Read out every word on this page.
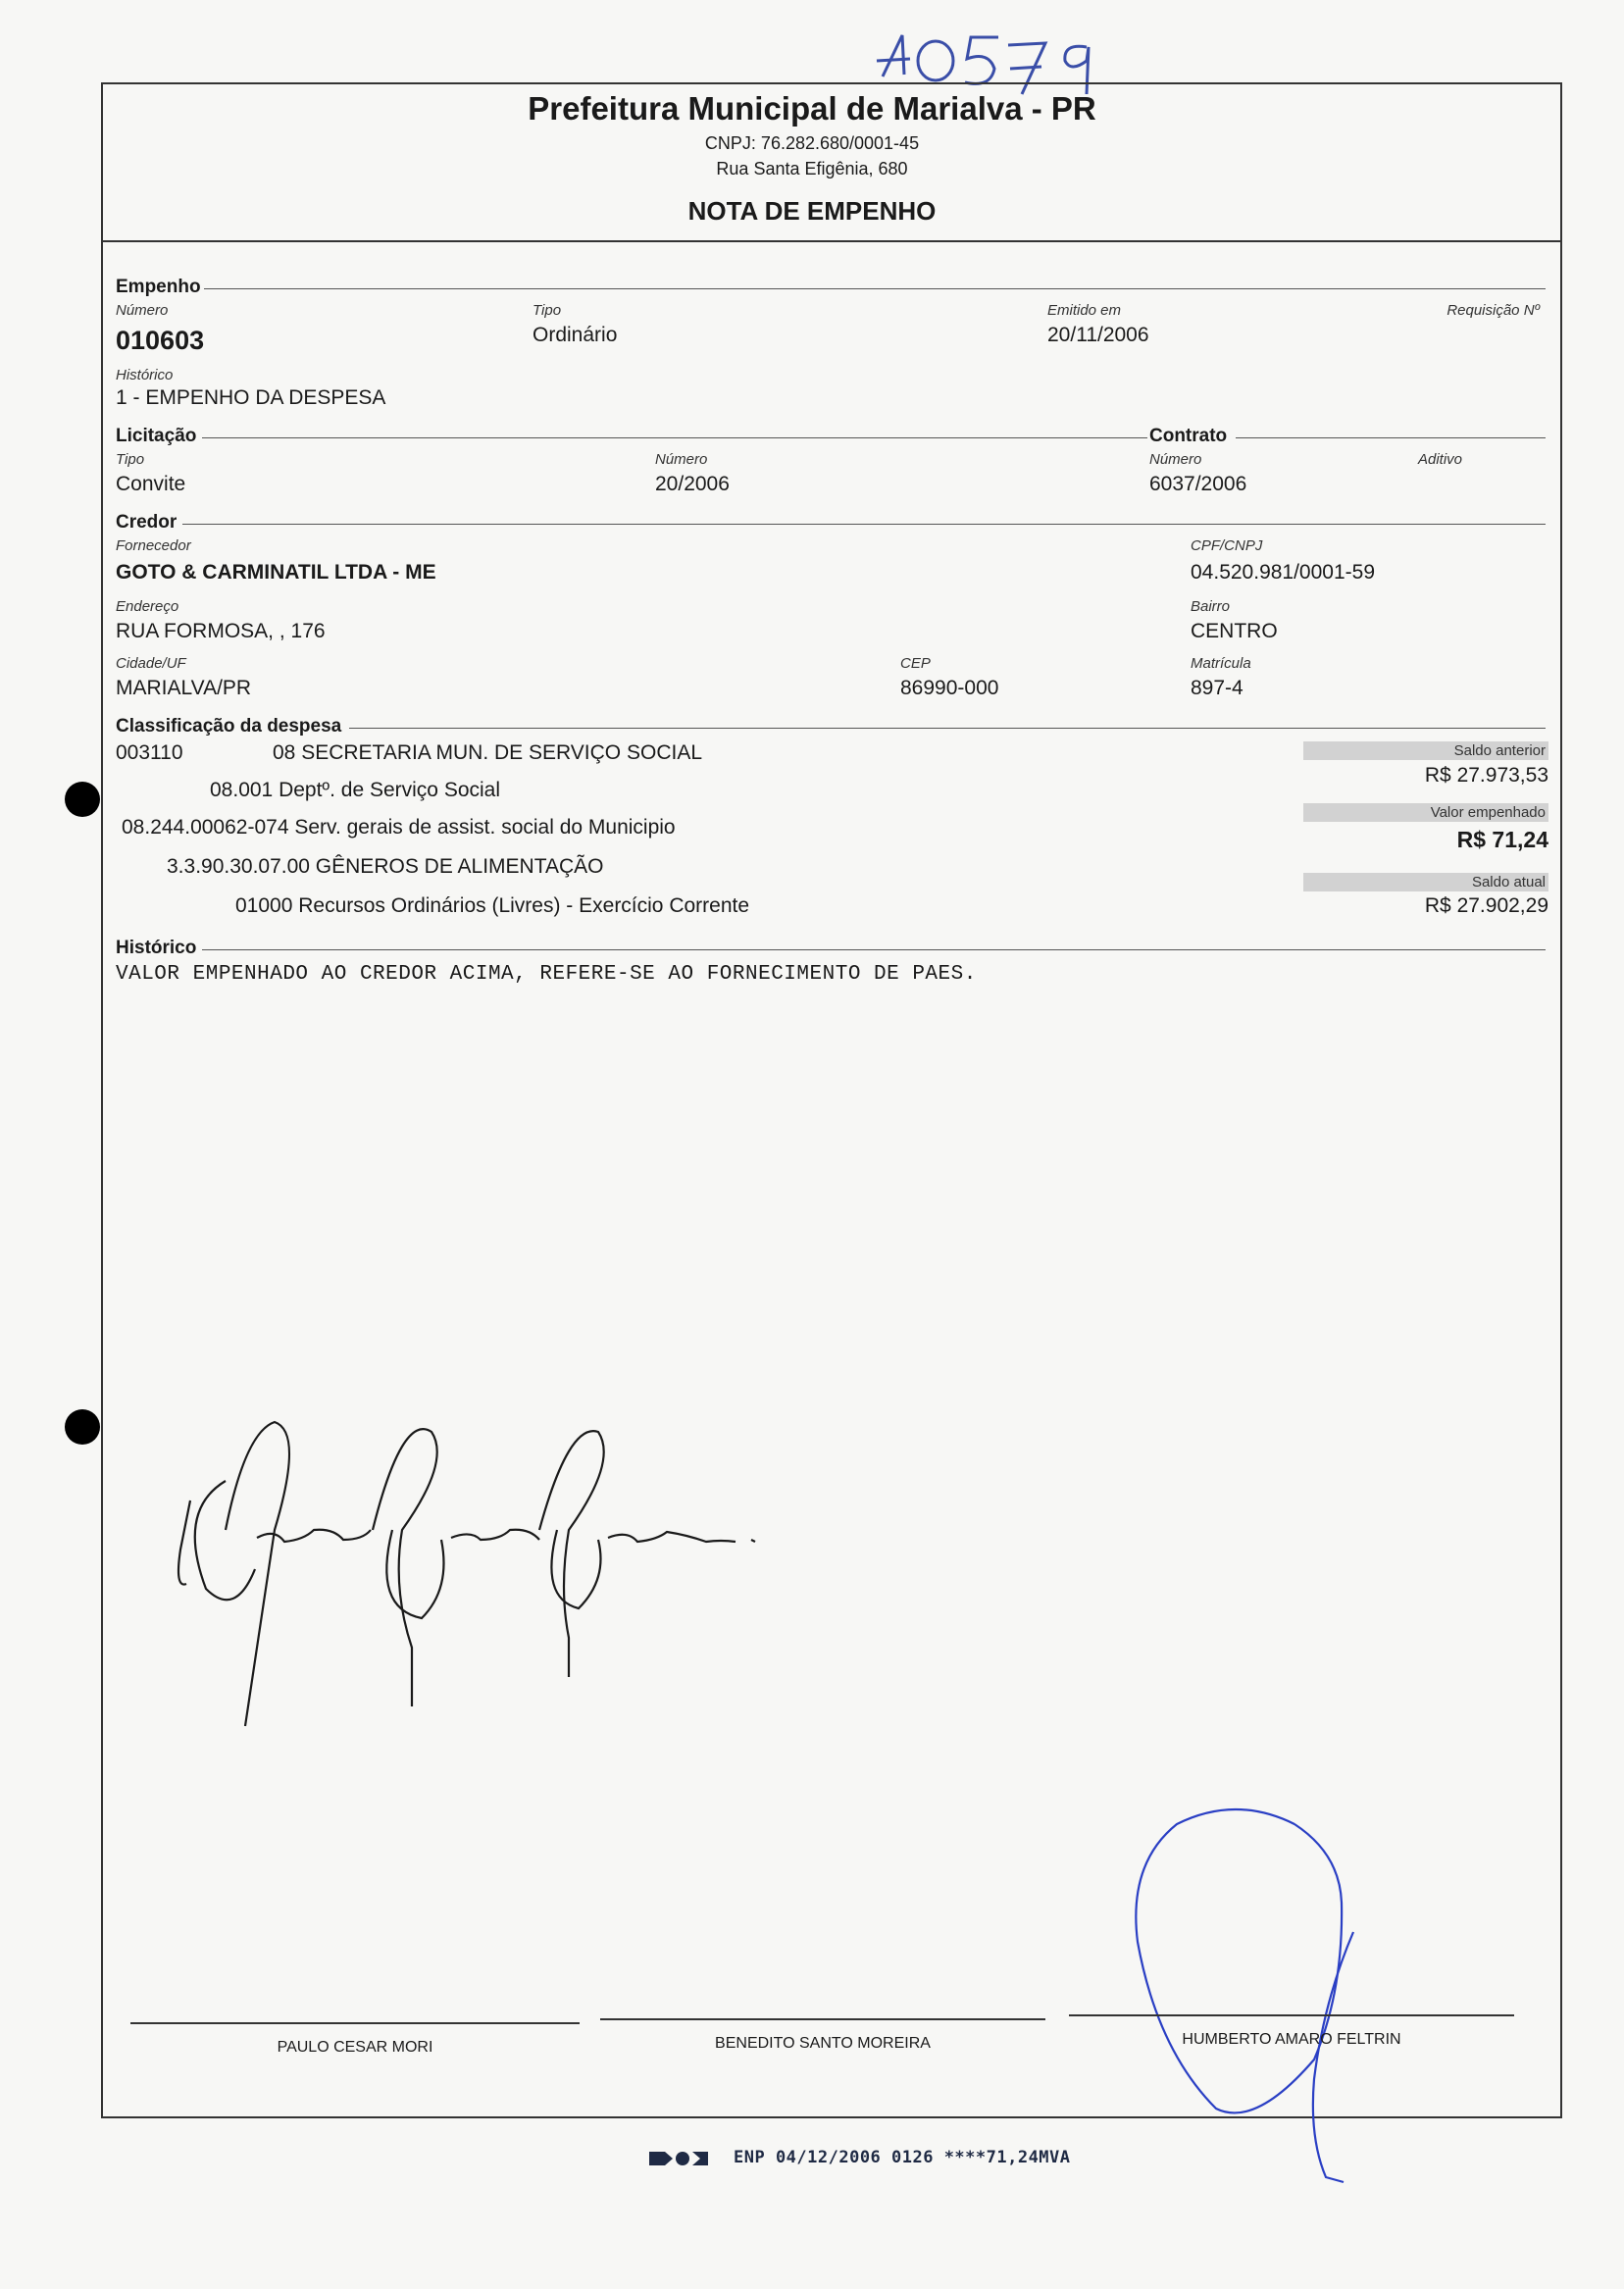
Prefeitura Municipal de Marialva - PR
CNPJ: 76.282.680/0001-45
Rua Santa Efigênia, 680
NOTA DE EMPENHO
Empenho
Número
010603
Tipo
Ordinário
Emitido em
20/11/2006
Requisição Nº
Histórico
1 - EMPENHO DA DESPESA
Licitação	Contrato
Tipo
Convite
Número
20/2006
Número
6037/2006
Aditivo
Credor
Fornecedor
GOTO & CARMINATIL LTDA - ME
CPF/CNPJ
04.520.981/0001-59
Endereço
RUA FORMOSA, , 176
Bairro
CENTRO
Cidade/UF
MARIALVA/PR
CEP
86990-000
Matrícula
897-4
Classificação da despesa
003110	08 SECRETARIA MUN. DE SERVIÇO SOCIAL
08.001 Deptº. de Serviço Social
08.244.00062-074 Serv. gerais de assist. social do Municipio
3.3.90.30.07.00 GÊNEROS DE ALIMENTAÇÃO
01000 Recursos Ordinários (Livres) - Exercício Corrente
Saldo anterior
R$ 27.973,53
Valor empenhado
R$ 71,24
Saldo atual
R$ 27.902,29
Histórico
VALOR EMPENHADO AO CREDOR ACIMA, REFERE-SE AO FORNECIMENTO DE PAES.
PAULO CESAR MORI	BENEDITO SANTO MOREIRA	HUMBERTO AMARO FELTRIN
ENP 04/12/2006 0126 ****71,24MVA
